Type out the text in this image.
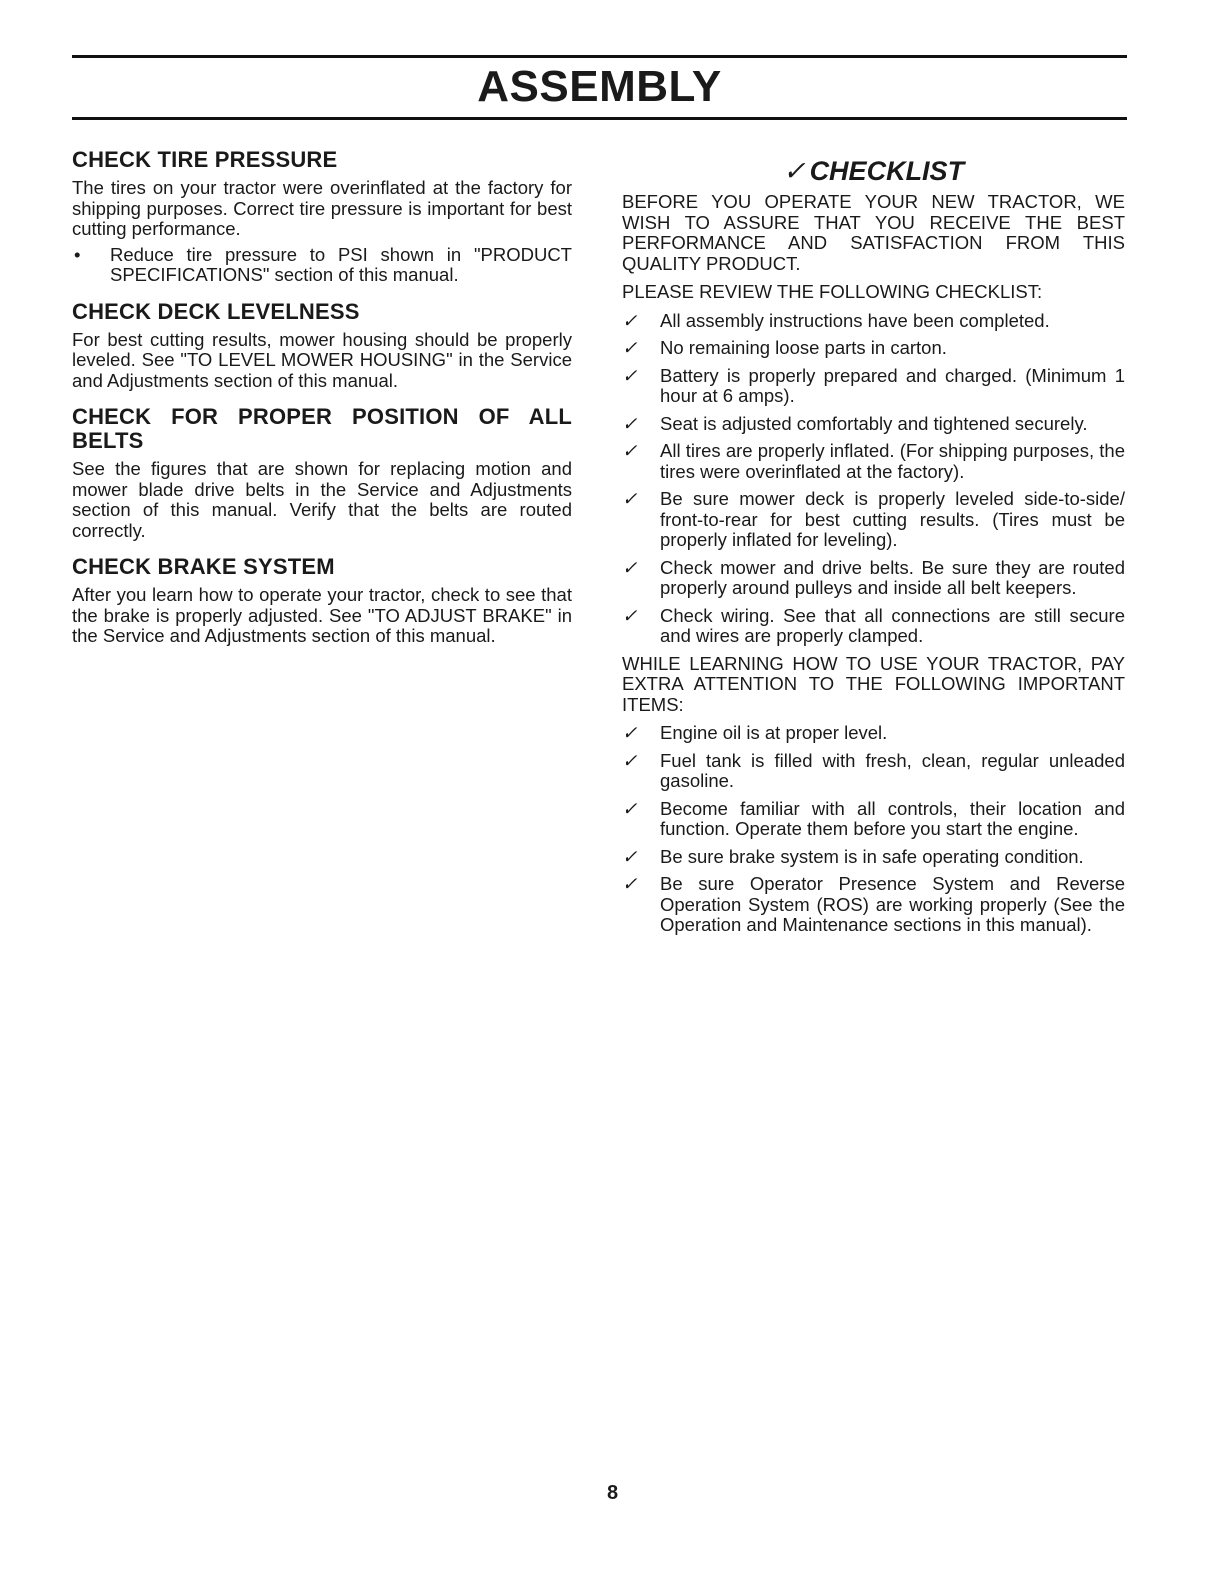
ASSEMBLY
CHECK TIRE PRESSURE

The tires on your tractor were overinflated at the factory for shipping purposes. Correct tire pressure is important for best cutting performance.

•	Reduce tire pressure to PSI shown in "PRODUCT SPECIFICATIONS" section of this manual.
CHECK DECK LEVELNESS

For best cutting results, mower housing should be properly leveled. See "TO LEVEL MOWER HOUSING" in the Service and Adjustments section of this manual.

CHECK FOR PROPER POSITION OF ALL BELTS

See the figures that are shown for replacing motion and mower blade drive belts in the Service and Adjustments section of this manual. Verify that the belts are routed correctly.

CHECK BRAKE SYSTEM

After you learn how to operate your tractor, check to see that the brake is properly adjusted. See "TO ADJUST BRAKE" in the Service and Adjustments section of this manual.

✓ CHECKLIST

BEFORE YOU OPERATE YOUR NEW TRACTOR, WE WISH TO ASSURE THAT YOU RECEIVE THE BEST PERFORMANCE AND SATISFACTION FROM THIS QUALITY PRODUCT.

PLEASE REVIEW THE FOLLOWING CHECKLIST:

✓	All assembly instructions have been completed.
✓	No remaining loose parts in carton.
✓	Battery is properly prepared and charged. (Minimum 1 hour at 6 amps).
✓	Seat is adjusted comfortably and tightened securely.
✓	All tires are properly inflated. (For shipping purposes, the tires were overinflated at the factory).
✓	Be sure mower deck is properly leveled side-to-side/ front-to-rear for best cutting results. (Tires must be properly inflated for leveling).
✓	Check mower and drive belts. Be sure they are routed properly around pulleys and inside all belt keepers.
✓	Check wiring. See that all connections are still secure and wires are properly clamped.

WHILE LEARNING HOW TO USE YOUR TRACTOR, PAY EXTRA ATTENTION TO THE FOLLOWING IMPORTANT ITEMS:

✓	Engine oil is at proper level.
✓	Fuel tank is filled with fresh, clean, regular unleaded gasoline.
✓	Become familiar with all controls, their location and function. Operate them before you start the engine.
✓	Be sure brake system is in safe operating condition.
✓	Be sure Operator Presence System and Reverse Operation System (ROS) are working properly (See the Operation and Maintenance sections in this manual).
8
